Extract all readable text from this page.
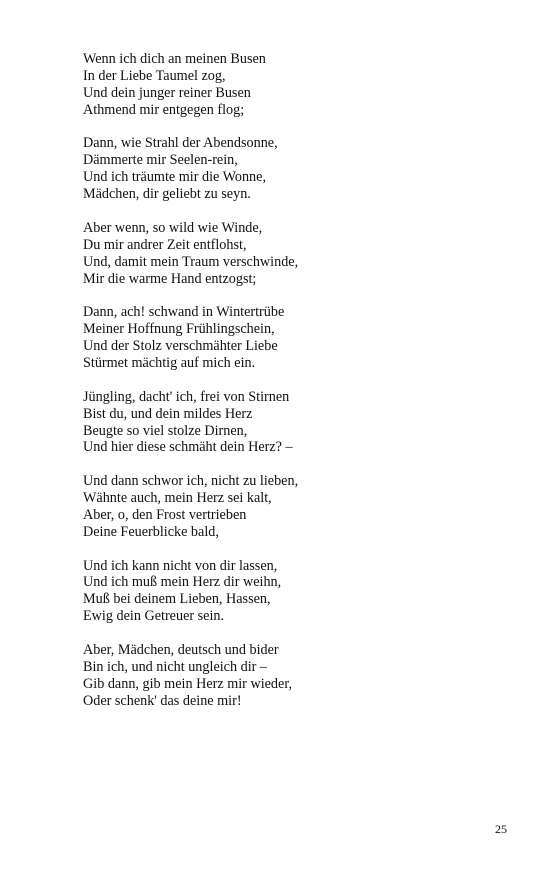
Wenn ich dich an meinen Busen
In der Liebe Taumel zog,
Und dein junger reiner Busen
Athmend mir entgegen flog;
Dann, wie Strahl der Abendsonne,
Dämmerte mir Seelen-rein,
Und ich träumte mir die Wonne,
Mädchen, dir geliebt zu seyn.
Aber wenn, so wild wie Winde,
Du mir andrer Zeit entflohst,
Und, damit mein Traum verschwinde,
Mir die warme Hand entzogst;
Dann, ach! schwand in Wintertrübe
Meiner Hoffnung Frühlingschein,
Und der Stolz verschmähter Liebe
Stürmet mächtig auf mich ein.
Jüngling, dacht' ich, frei von Stirnen
Bist du, und dein mildes Herz
Beugte so viel stolze Dirnen,
Und hier diese schmäht dein Herz? –
Und dann schwor ich, nicht zu lieben,
Wähnte auch, mein Herz sei kalt,
Aber, o, den Frost vertrieben
Deine Feuerblicke bald,
Und ich kann nicht von dir lassen,
Und ich muß mein Herz dir weihn,
Muß bei deinem Lieben, Hassen,
Ewig dein Getreuer sein.
Aber, Mädchen, deutsch und bider
Bin ich, und nicht ungleich dir –
Gib dann, gib mein Herz mir wieder,
Oder schenk' das deine mir!
25
